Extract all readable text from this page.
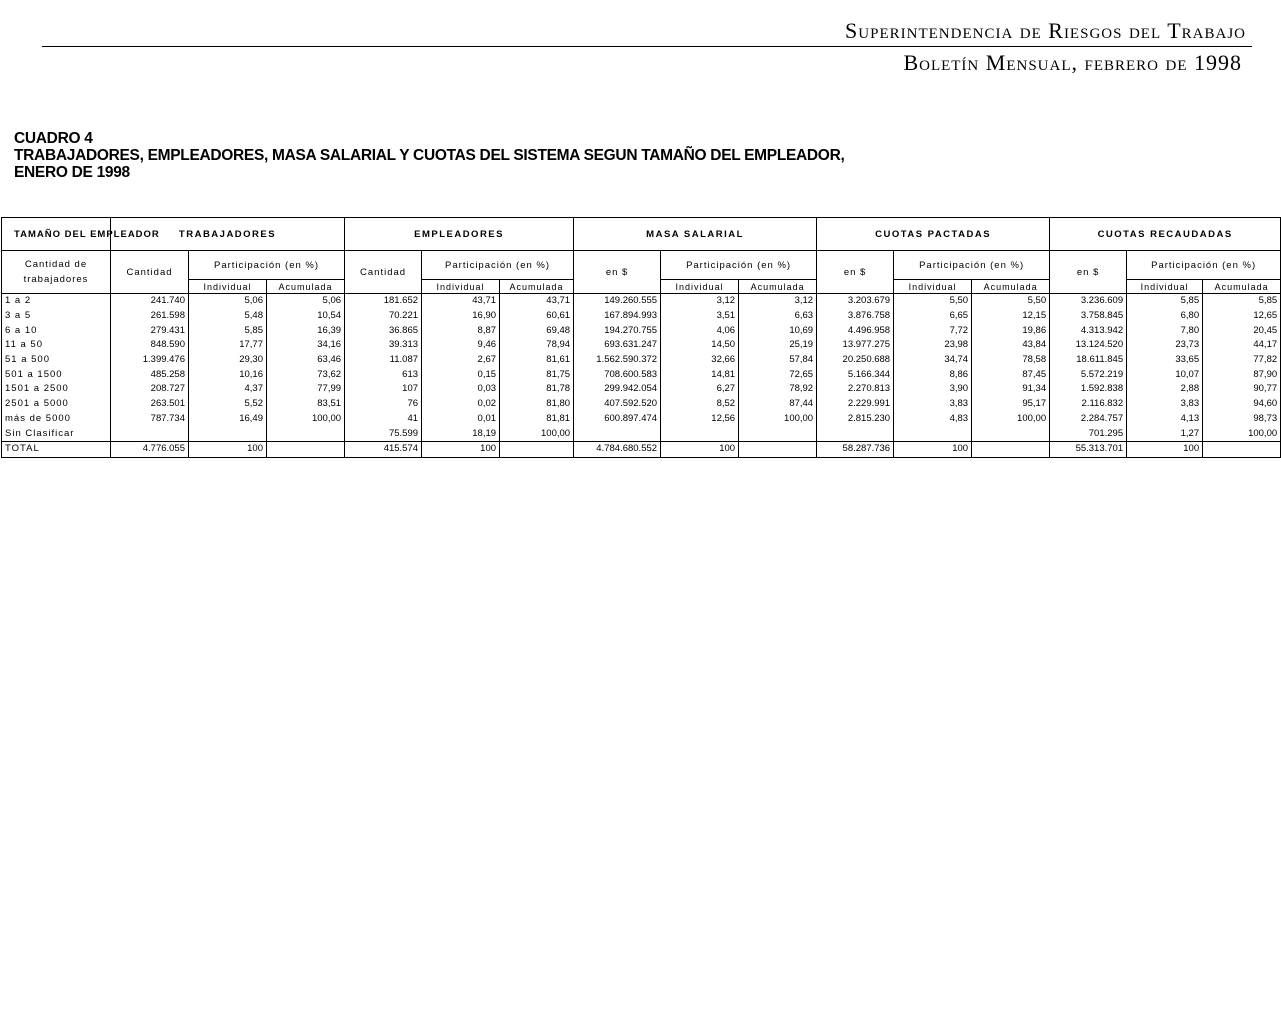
Superintendencia de Riesgos del Trabajo
Boletín Mensual, febrero de 1998
CUADRO 4
TRABAJADORES, EMPLEADORES, MASA SALARIAL Y CUOTAS DEL SISTEMA SEGUN TAMAÑO DEL EMPLEADOR,
ENERO DE 1998
TAMAÑO DEL EMPLEADOR	TRABAJADORES			EMPLEADORES			MASA SALARIAL			CUOTAS PACTADAS			CUOTAS RECAUDADAS		
Cantidad de trabajadores	Cantidad	Participación (en %)		Cantidad	Participación (en %)		en $	Participación (en %)		en $	Participación (en %)		en $	Participación (en %)	
		Individual	Acumulada		Individual	Acumulada		Individual	Acumulada		Individual	Acumulada		Individual	Acumulada
1 a 2	241.740	5,06	5,06	181.652	43,71	43,71	149.260.555	3,12	3,12	3.203.679	5,50	5,50	3.236.609	5,85	5,85
3 a 5	261.598	5,48	10,54	70.221	16,90	60,61	167.894.993	3,51	6,63	3.876.758	6,65	12,15	3.758.845	6,80	12,65
6 a 10	279.431	5,85	16,39	36.865	8,87	69,48	194.270.755	4,06	10,69	4.496.958	7,72	19,86	4.313.942	7,80	20,45
11 a 50	848.590	17,77	34,16	39.313	9,46	78,94	693.631.247	14,50	25,19	13.977.275	23,98	43,84	13.124.520	23,73	44,17
51 a 500	1.399.476	29,30	63,46	11.087	2,67	81,61	1.562.590.372	32,66	57,84	20.250.688	34,74	78,58	18.611.845	33,65	77,82
501 a 1500	485.258	10,16	73,62	613	0,15	81,75	708.600.583	14,81	72,65	5.166.344	8,86	87,45	5.572.219	10,07	87,90
1501 a 2500	208.727	4,37	77,99	107	0,03	81,78	299.942.054	6,27	78,92	2.270.813	3,90	91,34	1.592.838	2,88	90,77
2501 a 5000	263.501	5,52	83,51	76	0,02	81,80	407.592.520	8,52	87,44	2.229.991	3,83	95,17	2.116.832	3,83	94,60
más de 5000	787.734	16,49	100,00	41	0,01	81,81	600.897.474	12,56	100,00	2.815.230	4,83	100,00	2.284.757	4,13	98,73
Sin Clasificar				75.599	18,19	100,00							701.295	1,27	100,00
TOTAL	4.776.055	100		415.574	100		4.784.680.552	100		58.287.736	100		55.313.701	100	
